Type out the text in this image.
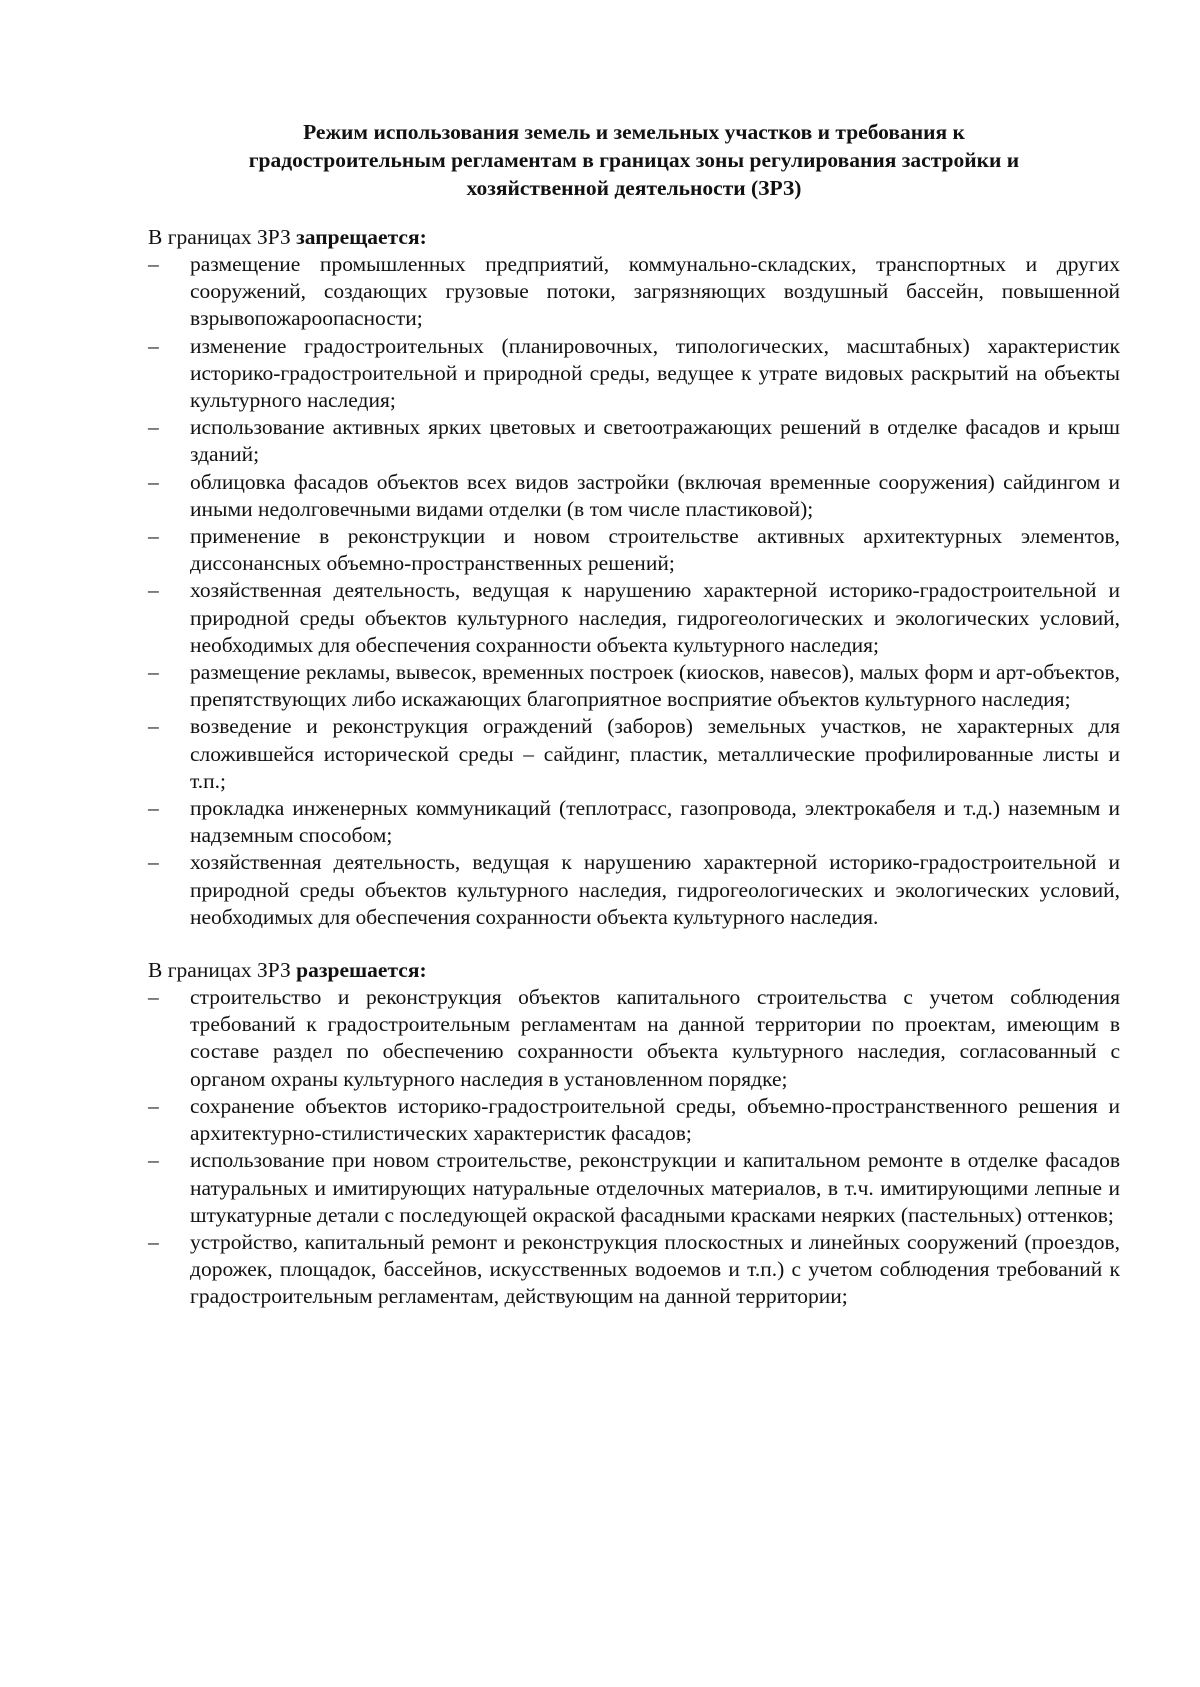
Режим использования земель и земельных участков и требования к
градостроительным регламентам в границах зоны регулирования застройки и
хозяйственной деятельности (ЗРЗ)
В границах ЗРЗ запрещается:
–	размещение промышленных предприятий, коммунально-складских, транспортных и других сооружений, создающих грузовые потоки, загрязняющих воздушный бассейн, повышенной взрывопожароопасности;
–	изменение градостроительных (планировочных, типологических, масштабных) характеристик историко-градостроительной и природной среды, ведущее к утрате видовых раскрытий на объекты культурного наследия;
–	использование активных ярких цветовых и светоотражающих решений в отделке фасадов и крыш зданий;
–	облицовка фасадов объектов всех видов застройки (включая временные сооружения) сайдингом и иными недолговечными видами отделки (в том числе пластиковой);
–	применение в реконструкции и новом строительстве активных архитектурных элементов, диссонансных объемно-пространственных решений;
–	хозяйственная деятельность, ведущая к нарушению характерной историко-градостроительной и природной среды объектов культурного наследия, гидрогеологических и экологических условий, необходимых для обеспечения сохранности объекта культурного наследия;
–	размещение рекламы, вывесок, временных построек (киосков, навесов), малых форм и арт-объектов, препятствующих либо искажающих благоприятное восприятие объектов культурного наследия;
–	возведение и реконструкция ограждений (заборов) земельных участков, не характерных для сложившейся исторической среды – сайдинг, пластик, металлические профилированные листы и т.п.;
–	прокладка инженерных коммуникаций (теплотрасс, газопровода, электрокабеля и т.д.) наземным и надземным способом;
–	хозяйственная деятельность, ведущая к нарушению характерной историко-градостроительной и природной среды объектов культурного наследия, гидрогеологических и экологических условий, необходимых для обеспечения сохранности объекта культурного наследия.
В границах ЗРЗ разрешается:
–	строительство и реконструкция объектов капитального строительства с учетом соблюдения требований к градостроительным регламентам на данной территории по проектам, имеющим в составе раздел по обеспечению сохранности объекта культурного наследия, согласованный с органом охраны культурного наследия в установленном порядке;
–	сохранение объектов историко-градостроительной среды, объемно-пространственного решения и архитектурно-стилистических характеристик фасадов;
–	использование при новом строительстве, реконструкции и капитальном ремонте в отделке фасадов натуральных и имитирующих натуральные отделочных материалов, в т.ч. имитирующими лепные и штукатурные детали с последующей окраской фасадными красками неярких (пастельных) оттенков;
–	устройство, капитальный ремонт и реконструкция плоскостных и линейных сооружений (проездов, дорожек, площадок, бассейнов, искусственных водоемов и т.п.) с учетом соблюдения требований к градостроительным регламентам, действующим на данной территории;
